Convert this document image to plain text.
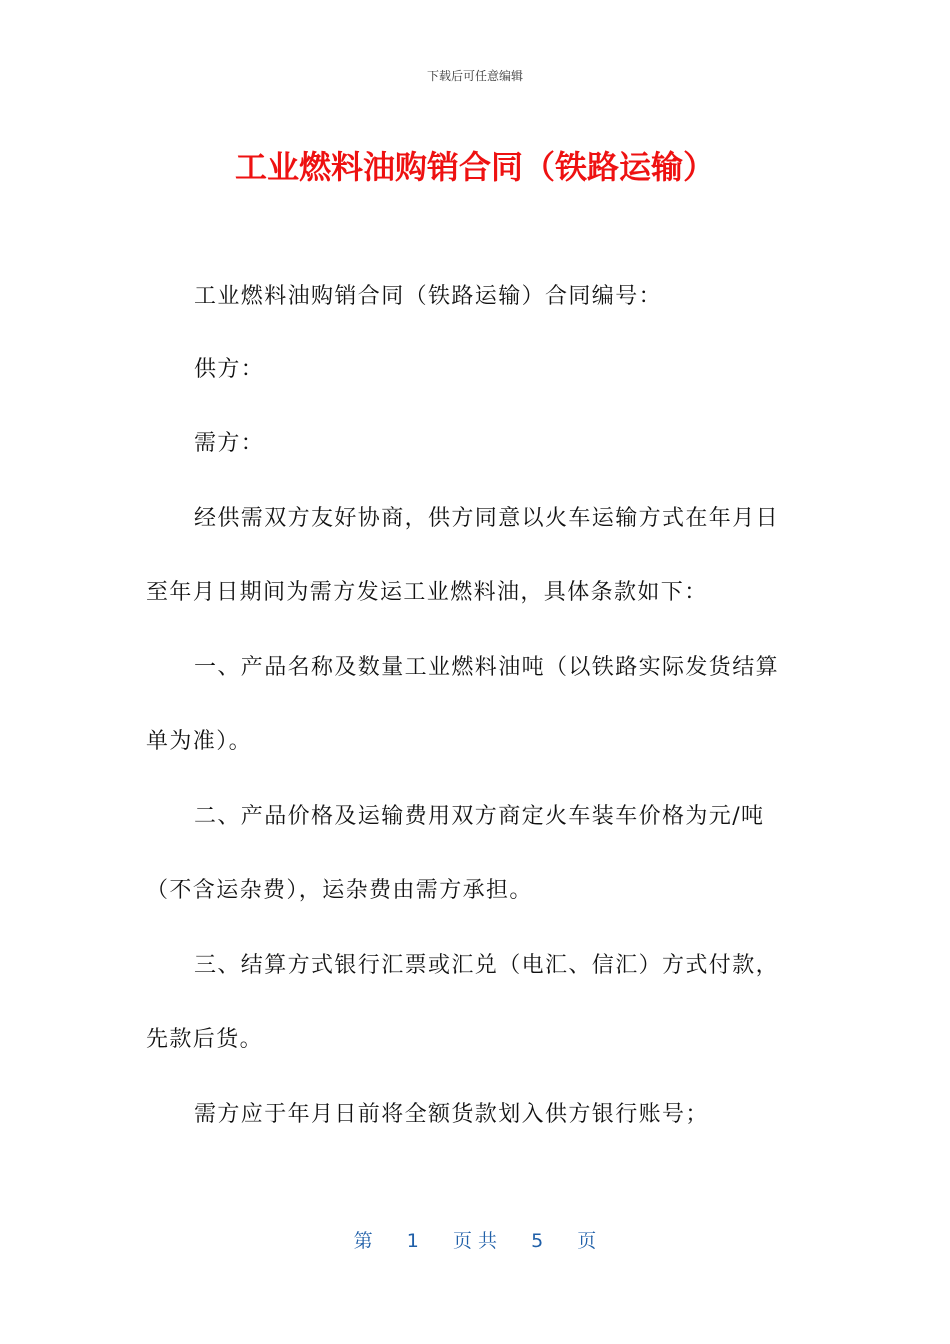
下载后可任意编辑
工业燃料油购销合同（铁路运输）
工业燃料油购销合同（铁路运输）合同编号：
供方：
需方：
经供需双方友好协商，供方同意以火车运输方式在年月日
至年月日期间为需方发运工业燃料油，具体条款如下：
一、产品名称及数量工业燃料油吨（以铁路实际发货结算
单为准）。
二、产品价格及运输费用双方商定火车装车价格为元/吨
（不含运杂费），运杂费由需方承担。
三、结算方式银行汇票或汇兑（电汇、信汇）方式付款，
先款后货。
需方应于年月日前将全额货款划入供方银行账号；
第 1 页 共 5 页
